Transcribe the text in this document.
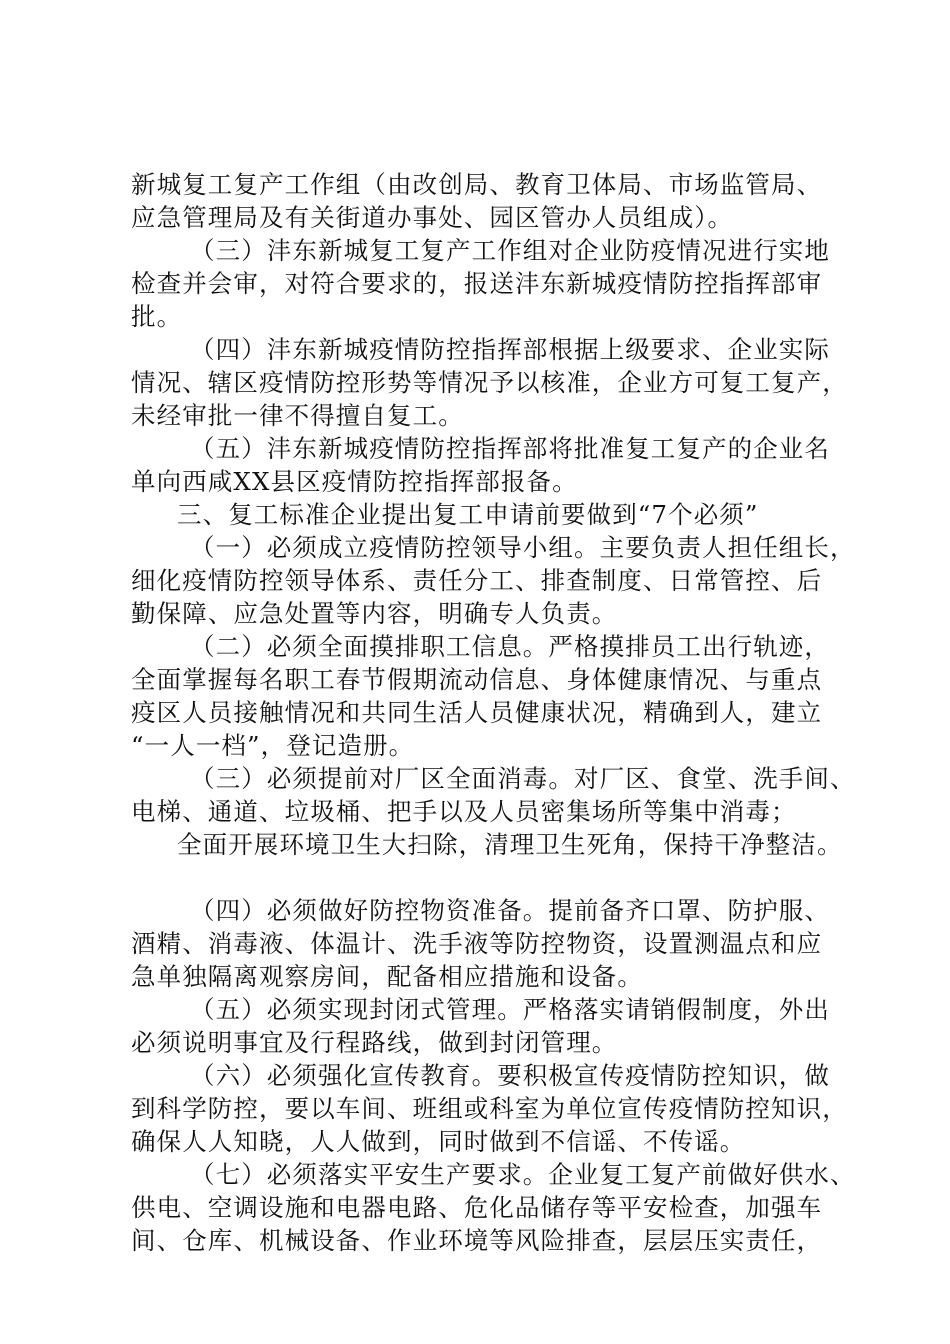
新城复工复产工作组（由改创局、教育卫体局、市场监管局、
应急管理局及有关街道办事处、园区管办人员组成）。
（三）沣东新城复工复产工作组对企业防疫情况进行实地
检查并会审，对符合要求的，报送沣东新城疫情防控指挥部审
批。
（四）沣东新城疫情防控指挥部根据上级要求、企业实际
情况、辖区疫情防控形势等情况予以核准，企业方可复工复产，
未经审批一律不得擅自复工。
（五）沣东新城疫情防控指挥部将批准复工复产的企业名
单向西咸XX县区疫情防控指挥部报备。
三、复工标准企业提出复工申请前要做到“7个必须”
（一）必须成立疫情防控领导小组。主要负责人担任组长，
细化疫情防控领导体系、责任分工、排查制度、日常管控、后
勤保障、应急处置等内容，明确专人负责。
（二）必须全面摸排职工信息。严格摸排员工出行轨迹，
全面掌握每名职工春节假期流动信息、身体健康情况、与重点
疫区人员接触情况和共同生活人员健康状况，精确到人，建立
“一人一档”，登记造册。
（三）必须提前对厂区全面消毒。对厂区、食堂、洗手间、
电梯、通道、垃圾桶、把手以及人员密集场所等集中消毒；
全面开展环境卫生大扫除，清理卫生死角，保持干净整洁。
（四）必须做好防控物资准备。提前备齐口罩、防护服、
酒精、消毒液、体温计、洗手液等防控物资，设置测温点和应
急单独隔离观察房间，配备相应措施和设备。
（五）必须实现封闭式管理。严格落实请销假制度，外出
必须说明事宜及行程路线，做到封闭管理。
（六）必须强化宣传教育。要积极宣传疫情防控知识，做
到科学防控，要以车间、班组或科室为单位宣传疫情防控知识，
确保人人知晓，人人做到，同时做到不信谣、不传谣。
（七）必须落实平安生产要求。企业复工复产前做好供水、
供电、空调设施和电器电路、危化品储存等平安检查，加强车
间、仓库、机械设备、作业环境等风险排查，层层压实责任，
